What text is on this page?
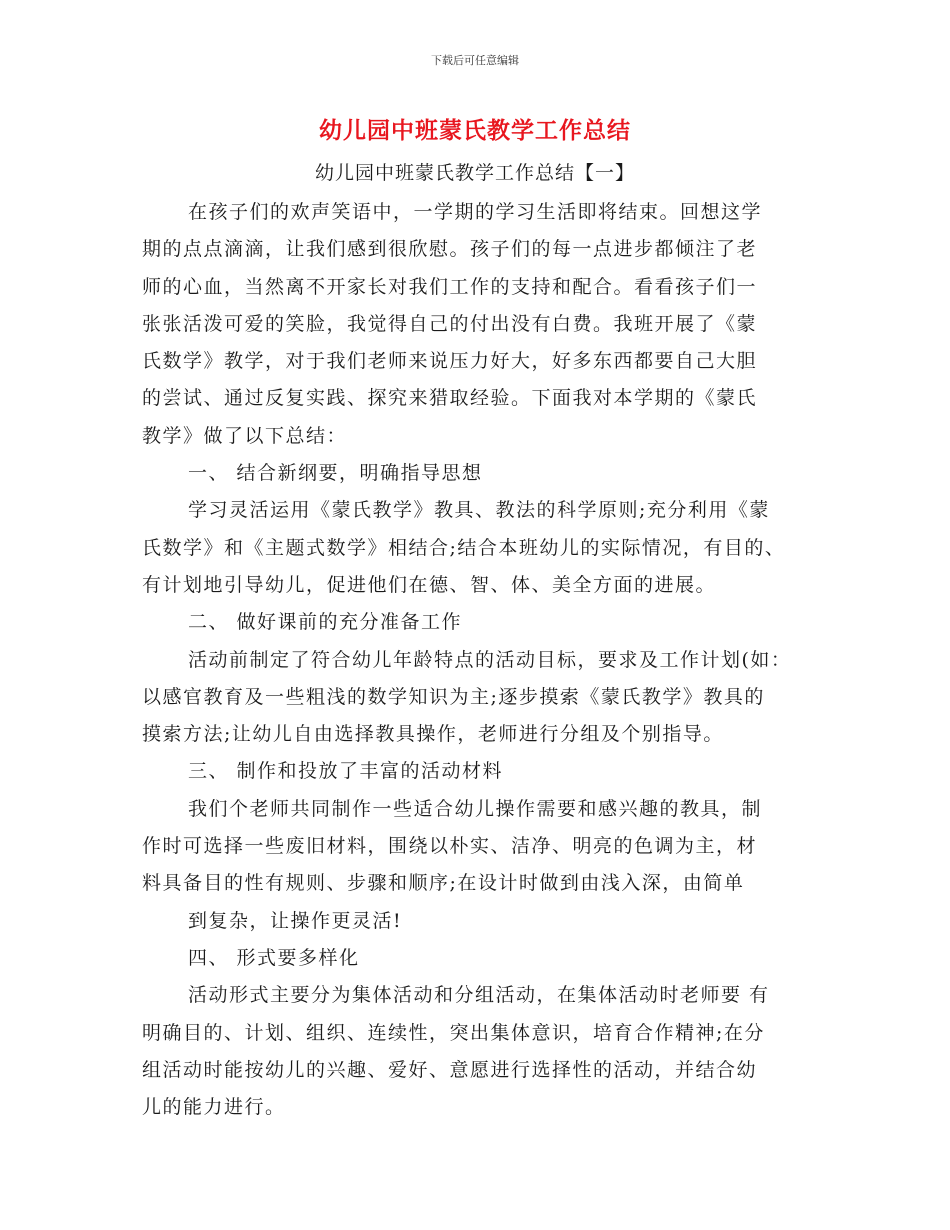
下载后可任意编辑
幼儿园中班蒙氏教学工作总结
幼儿园中班蒙氏教学工作总结【一】
在孩子们的欢声笑语中，一学期的学习生活即将结束。回想这学
期的点点滴滴，让我们感到很欣慰。孩子们的每一点进步都倾注了老
师的心血，当然离不开家长对我们工作的支持和配合。看看孩子们一
张张活泼可爱的笑脸，我觉得自己的付出没有白费。我班开展了《蒙
氏数学》教学，对于我们老师来说压力好大，好多东西都要自己大胆
的尝试、通过反复实践、探究来猎取经验。下面我对本学期的《蒙氏
教学》做了以下总结：
一、 结合新纲要，明确指导思想
学习灵活运用《蒙氏教学》教具、教法的科学原则;充分利用《蒙
氏数学》和《主题式数学》相结合;结合本班幼儿的实际情况，有目的、
有计划地引导幼儿，促进他们在德、智、体、美全方面的进展。
二、 做好课前的充分准备工作
活动前制定了符合幼儿年龄特点的活动目标，要求及工作计划(如：
以感官教育及一些粗浅的数学知识为主;逐步摸索《蒙氏教学》教具的
摸索方法;让幼儿自由选择教具操作，老师进行分组及个别指导。
三、 制作和投放了丰富的活动材料
我们个老师共同制作一些适合幼儿操作需要和感兴趣的教具，制
作时可选择一些废旧材料，围绕以朴实、洁净、明亮的色调为主，材
料具备目的性有规则、步骤和顺序;在设计时做到由浅入深，由简单
到复杂，让操作更灵活!
四、 形式要多样化
活动形式主要分为集体活动和分组活动，在集体活动时老师要 有
明确目的、计划、组织、连续性，突出集体意识，培育合作精神;在分
组活动时能按幼儿的兴趣、爱好、意愿进行选择性的活动，并结合幼
儿的能力进行。
